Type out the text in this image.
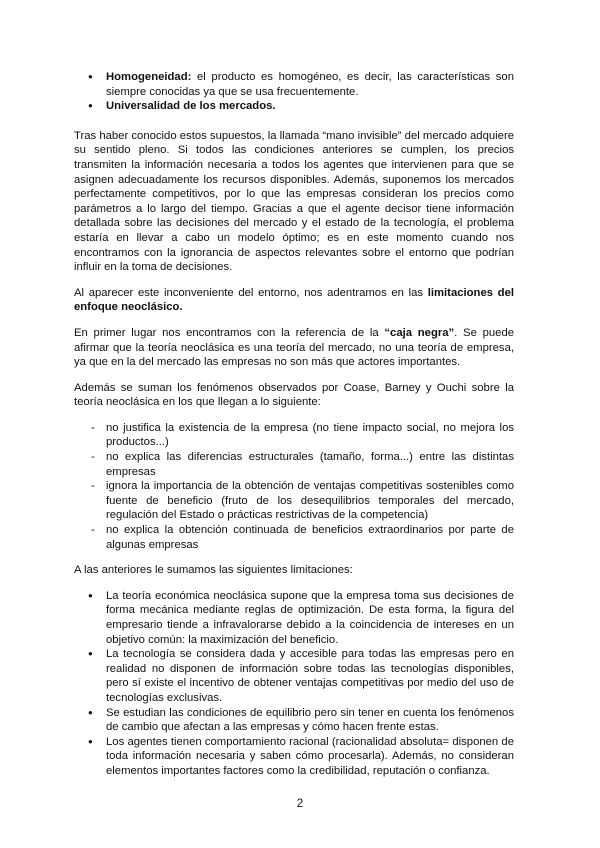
● Homogeneidad: el producto es homogéneo, es decir, las características son siempre conocidas ya que se usa frecuentemente.
● Universalidad de los mercados.

Tras haber conocido estos supuestos, la llamada “mano invisible” del mercado adquiere su sentido pleno. Si todos las condiciones anteriores se cumplen, los precios transmiten la información necesaria a todos los agentes que intervienen para que se asignen adecuadamente los recursos disponibles. Además, suponemos los mercados perfectamente competitivos, por lo que las empresas consideran los precios como parámetros a lo largo del tiempo. Gracias a que el agente decisor tiene información detallada sobre las decisiones del mercado y el estado de la tecnología, el problema estaría en llevar a cabo un modelo óptimo; es en este momento cuando nos encontramos con la ignorancia de aspectos relevantes sobre el entorno que podrían influir en la toma de decisiones.

Al aparecer este inconveniente del entorno, nos adentramos en las limitaciones del enfoque neoclásico.

En primer lugar nos encontramos con la referencia de la “caja negra”. Se puede afirmar que la teoría neoclásica es una teoría del mercado, no una teoría de empresa, ya que en la del mercado las empresas no son más que actores importantes.

Además se suman los fenómenos observados por Coase, Barney y Ouchi sobre la teoría neoclásica en los que llegan a lo siguiente:

- no justifica la existencia de la empresa (no tiene impacto social, no mejora los productos...)
- no explica las diferencias estructurales (tamaño, forma...) entre las distintas empresas
- ignora la importancia de la obtención de ventajas competitivas sostenibles como fuente de beneficio (fruto de los desequilibrios temporales del mercado, regulación del Estado o prácticas restrictivas de la competencia)
- no explica la obtención continuada de beneficios extraordinarios por parte de algunas empresas

A las anteriores le sumamos las siguientes limitaciones:

● La teoría económica neoclásica supone que la empresa toma sus decisiones de forma mecánica mediante reglas de optimización. De esta forma, la figura del empresario tiende a infravalorarse debido a la coincidencia de intereses en un objetivo común: la maximización del beneficio.
● La tecnología se considera dada y accesible para todas las empresas pero en realidad no disponen de información sobre todas las tecnologías disponibles, pero sí existe el incentivo de obtener ventajas competitivas por medio del uso de tecnologías exclusivas.
● Se estudian las condiciones de equilibrio pero sin tener en cuenta los fenómenos de cambio que afectan a las empresas y cómo hacen frente estas.
● Los agentes tienen comportamiento racional (racionalidad absoluta= disponen de toda información necesaria y saben cómo procesarla). Además, no consideran elementos importantes factores como la credibilidad, reputación o confianza.
2
